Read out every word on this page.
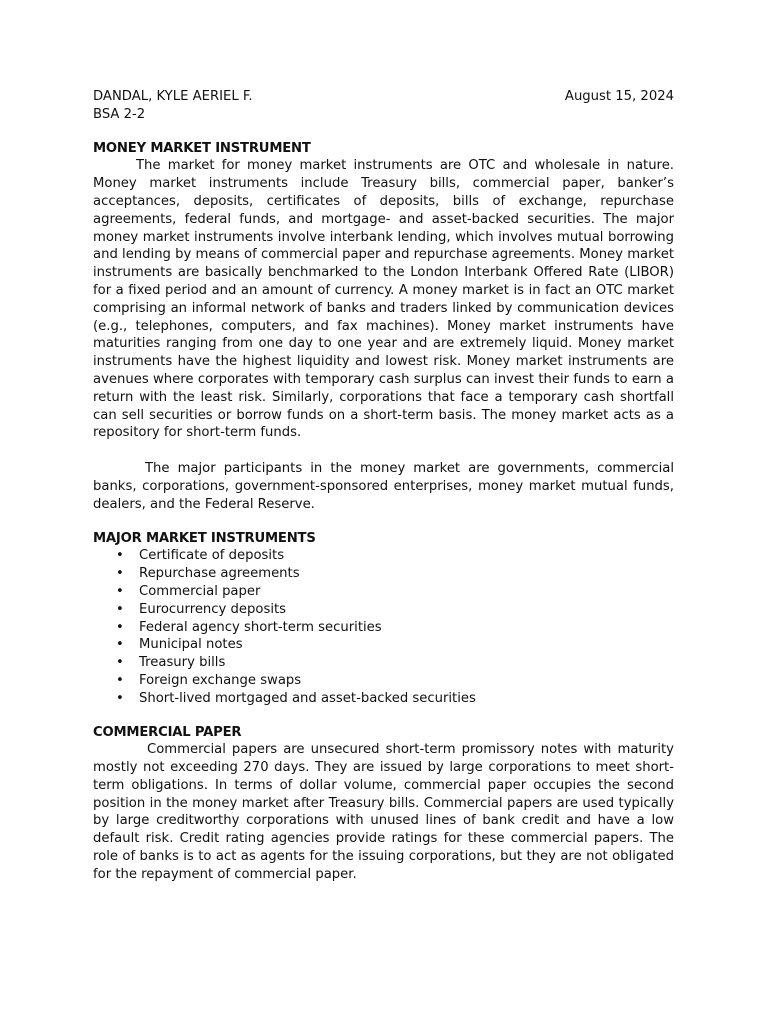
DANDAL, KYLE AERIEL F.	August 15, 2024
BSA 2-2
MONEY MARKET INSTRUMENT

The market for money market instruments are OTC and wholesale in nature. Money market instruments include Treasury bills, commercial paper, banker’s acceptances, deposits, certificates of deposits, bills of exchange, repurchase agreements, federal funds, and mortgage- and asset-backed securities. The major money market instruments involve interbank lending, which involves mutual borrowing and lending by means of commercial paper and repurchase agreements. Money market instruments are basically benchmarked to the London Interbank Offered Rate (LIBOR) for a fixed period and an amount of currency. A money market is in fact an OTC market comprising an informal network of banks and traders linked by communication devices (e.g., telephones, computers, and fax machines). Money market instruments have maturities ranging from one day to one year and are extremely liquid. Money market instruments have the highest liquidity and lowest risk. Money market instruments are avenues where corporates with temporary cash surplus can invest their funds to earn a return with the least risk. Similarly, corporations that face a temporary cash shortfall can sell securities or borrow funds on a short-term basis. The money market acts as a repository for short-term funds.

The major participants in the money market are governments, commercial banks, corporations, government-sponsored enterprises, money market mutual funds, dealers, and the Federal Reserve.

MAJOR MARKET INSTRUMENTS
• Certificate of deposits
• Repurchase agreements
• Commercial paper
• Eurocurrency deposits
• Federal agency short-term securities
• Municipal notes
• Treasury bills
• Foreign exchange swaps
• Short-lived mortgaged and asset-backed securities
COMMERCIAL PAPER

Commercial papers are unsecured short-term promissory notes with maturity mostly not exceeding 270 days. They are issued by large corporations to meet short-term obligations. In terms of dollar volume, commercial paper occupies the second position in the money market after Treasury bills. Commercial papers are used typically by large creditworthy corporations with unused lines of bank credit and have a low default risk. Credit rating agencies provide ratings for these commercial papers. The role of banks is to act as agents for the issuing corporations, but they are not obligated for the repayment of commercial paper.
